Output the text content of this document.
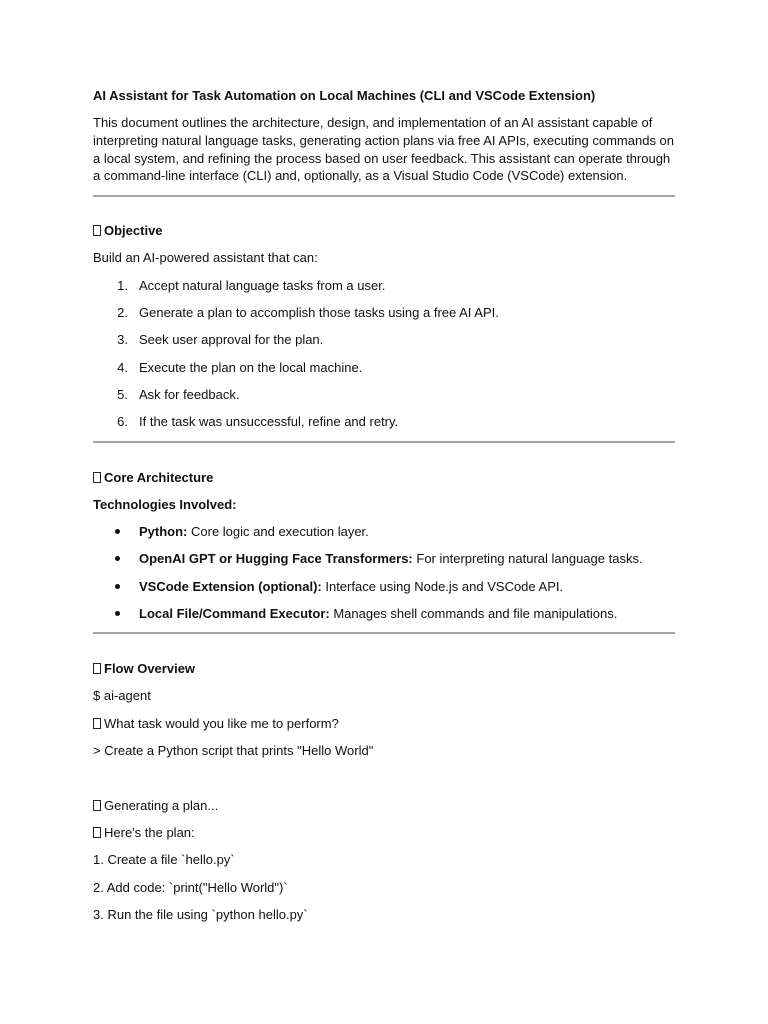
AI Assistant for Task Automation on Local Machines (CLI and VSCode Extension)
This document outlines the architecture, design, and implementation of an AI assistant capable of interpreting natural language tasks, generating action plans via free AI APIs, executing commands on a local system, and refining the process based on user feedback. This assistant can operate through a command-line interface (CLI) and, optionally, as a Visual Studio Code (VSCode) extension.
Objective
Build an AI-powered assistant that can:
1. Accept natural language tasks from a user.
2. Generate a plan to accomplish those tasks using a free AI API.
3. Seek user approval for the plan.
4. Execute the plan on the local machine.
5. Ask for feedback.
6. If the task was unsuccessful, refine and retry.
Core Architecture
Technologies Involved:
Python: Core logic and execution layer.
OpenAI GPT or Hugging Face Transformers: For interpreting natural language tasks.
VSCode Extension (optional): Interface using Node.js and VSCode API.
Local File/Command Executor: Manages shell commands and file manipulations.
Flow Overview
$ ai-agent
What task would you like me to perform?
> Create a Python script that prints "Hello World"
Generating a plan...
Here's the plan:
1. Create a file `hello.py`
2. Add code: `print("Hello World")`
3. Run the file using `python hello.py`
